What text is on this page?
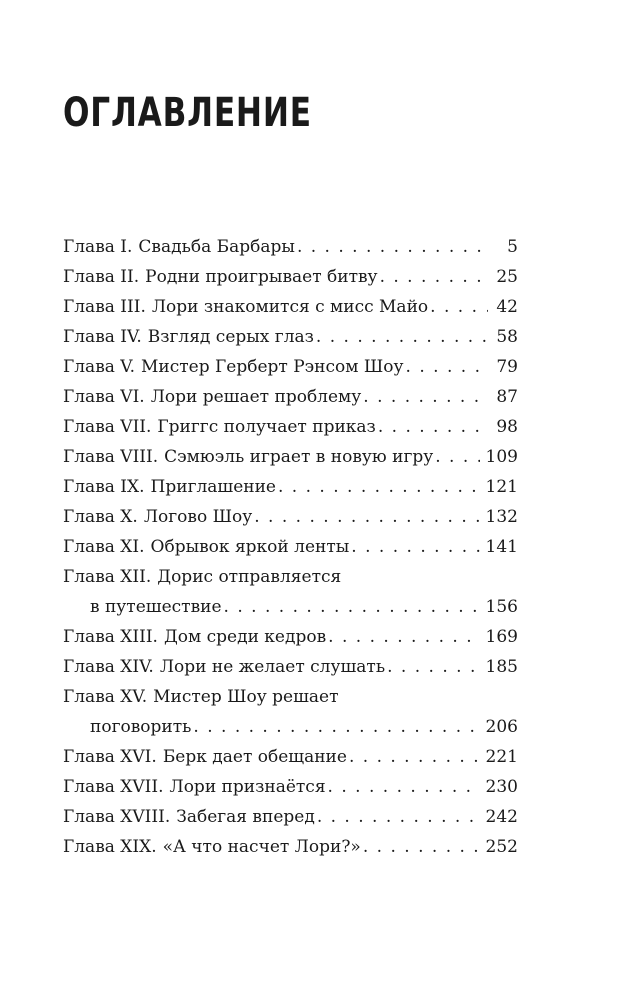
ОГЛАВЛЕНИЕ
Глава I. Свадьба Барбары . . .	5
Глава II. Родни проигрывает битву . . .	25
Глава III. Лори знакомится с мисс Майо . . .	42
Глава IV. Взгляд серых глаз . . .	58
Глава V. Мистер Герберт Рэнсом Шоу . . .	79
Глава VI. Лори решает проблему . . .	87
Глава VII. Григгс получает приказ . . .	98
Глава VIII. Сэмюэль играет в новую игру . . .	109
Глава IX. Приглашение . . .	121
Глава X. Логово Шоу . . .	132
Глава XI. Обрывок яркой ленты . . .	141
Глава XII. Дорис отправляется
в путешествие . . .	156
Глава XIII. Дом среди кедров . . .	169
Глава XIV. Лори не желает слушать . . .	185
Глава XV. Мистер Шоу решает
поговорить . . .	206
Глава XVI. Берк дает обещание . . .	221
Глава XVII. Лори признаётся . . .	230
Глава XVIII. Забегая вперед . . .	242
Глава XIX. «А что насчет Лори?» . . .	252
